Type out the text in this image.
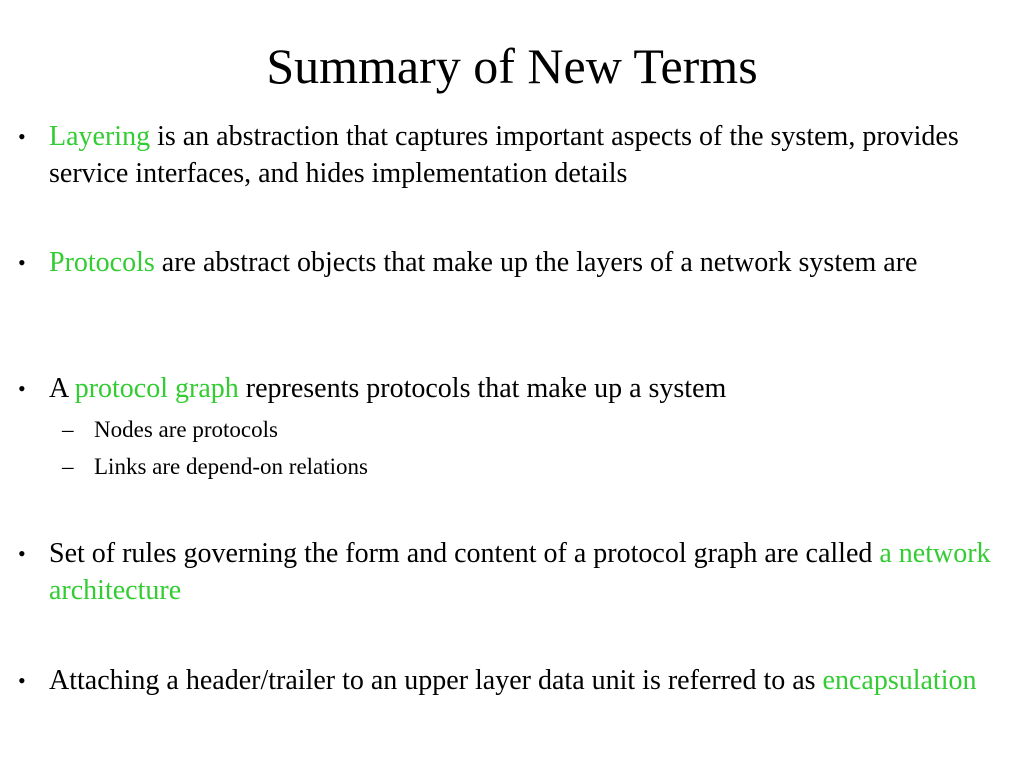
Summary of New Terms
• Layering is an abstraction that captures important aspects of the system, provides service interfaces, and hides implementation details
• Protocols are abstract objects that make up the layers of a network system are
• A protocol graph represents protocols that make up a system
– Nodes are protocols
– Links are depend-on relations
• Set of rules governing the form and content of a protocol graph are called a network architecture
• Attaching a header/trailer to an upper layer data unit is referred to as encapsulation
